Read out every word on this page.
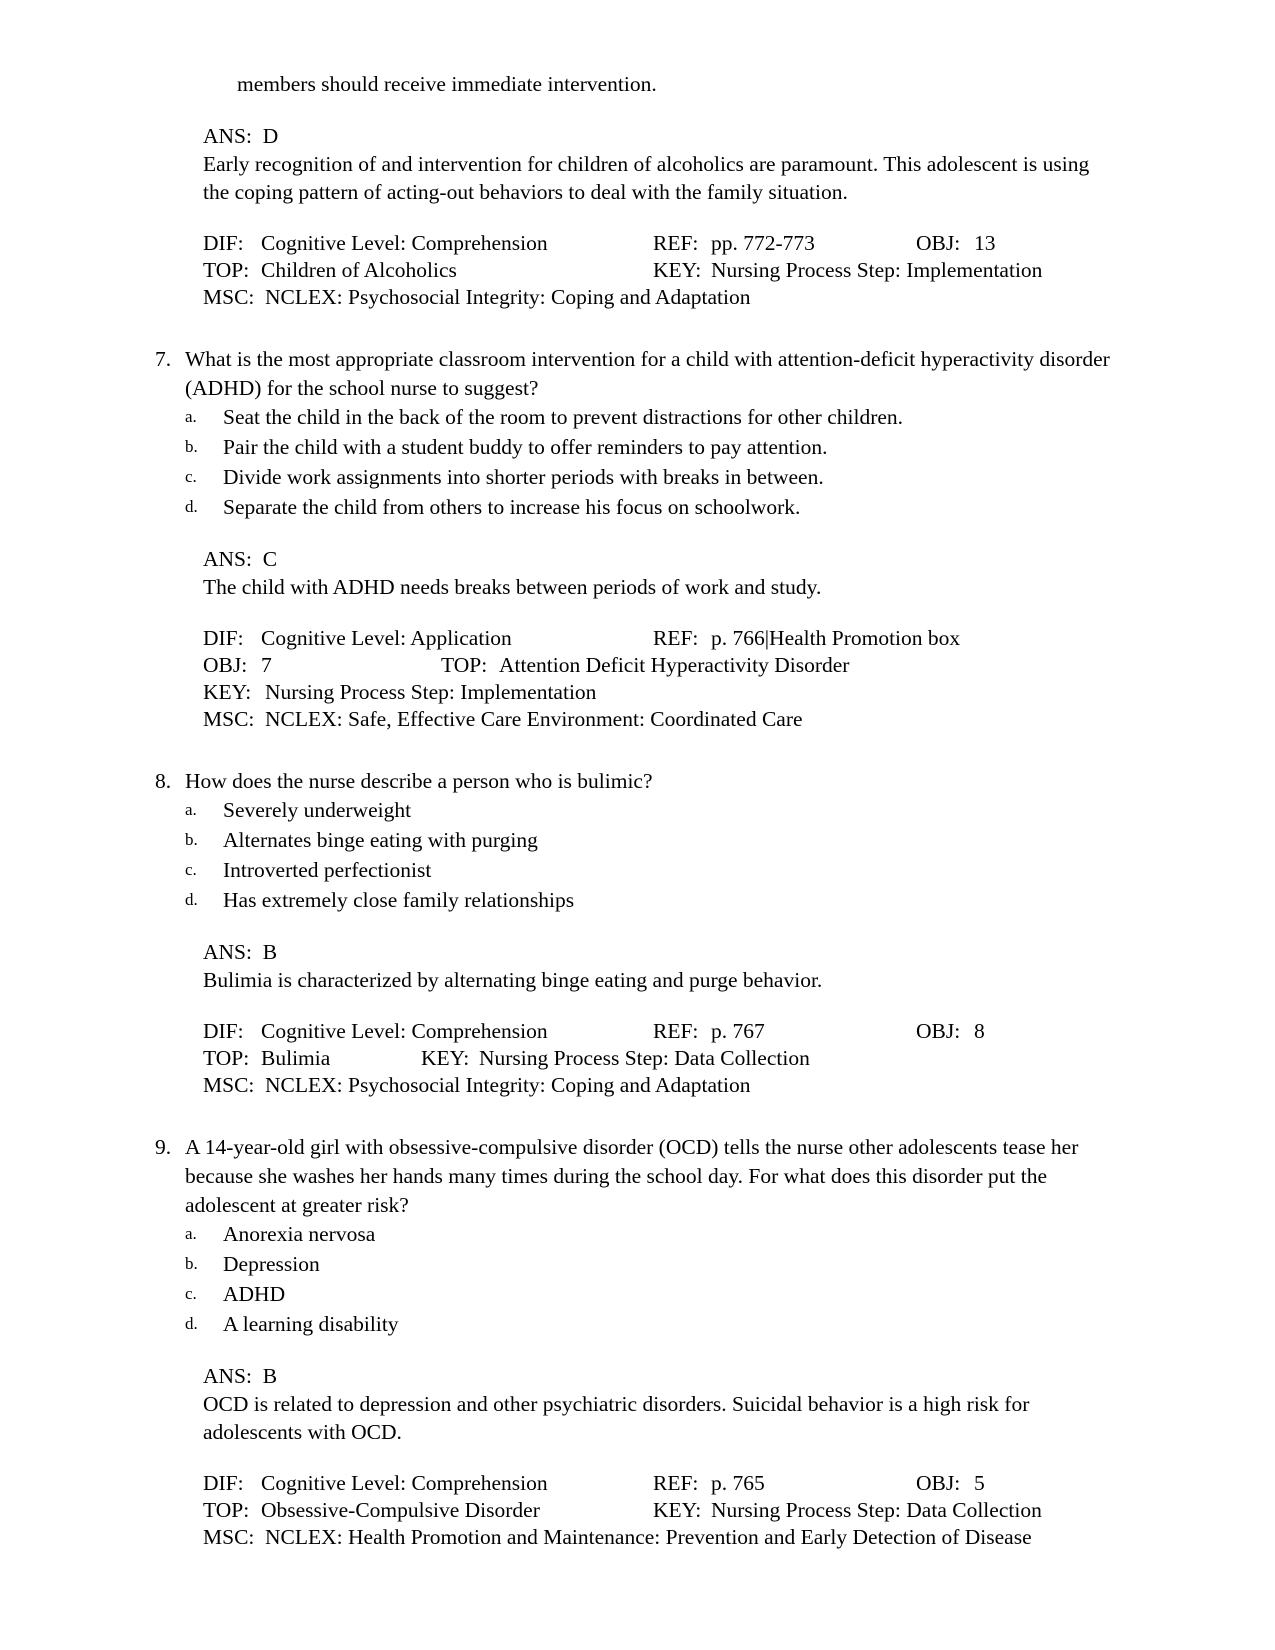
members should receive immediate intervention.
ANS: D
Early recognition of and intervention for children of alcoholics are paramount. This adolescent is using the coping pattern of acting-out behaviors to deal with the family situation.
DIF: Cognitive Level: Comprehension	REF: pp. 772-773	OBJ: 13
TOP: Children of Alcoholics	KEY: Nursing Process Step: Implementation
MSC: NCLEX: Psychosocial Integrity: Coping and Adaptation
7. What is the most appropriate classroom intervention for a child with attention-deficit hyperactivity disorder (ADHD) for the school nurse to suggest?
a.	Seat the child in the back of the room to prevent distractions for other children.
b.	Pair the child with a student buddy to offer reminders to pay attention.
c.	Divide work assignments into shorter periods with breaks in between.
d.	Separate the child from others to increase his focus on schoolwork.
ANS: C
The child with ADHD needs breaks between periods of work and study.
DIF: Cognitive Level: Application	REF: p. 766|Health Promotion box
OBJ: 7	TOP: Attention Deficit Hyperactivity Disorder
KEY: Nursing Process Step: Implementation
MSC: NCLEX: Safe, Effective Care Environment: Coordinated Care
8. How does the nurse describe a person who is bulimic?
a.	Severely underweight
b.	Alternates binge eating with purging
c.	Introverted perfectionist
d.	Has extremely close family relationships
ANS: B
Bulimia is characterized by alternating binge eating and purge behavior.
DIF: Cognitive Level: Comprehension	REF: p. 767	OBJ: 8
TOP: Bulimia	KEY: Nursing Process Step: Data Collection
MSC: NCLEX: Psychosocial Integrity: Coping and Adaptation
9. A 14-year-old girl with obsessive-compulsive disorder (OCD) tells the nurse other adolescents tease her because she washes her hands many times during the school day. For what does this disorder put the adolescent at greater risk?
a.	Anorexia nervosa
b.	Depression
c.	ADHD
d.	A learning disability
ANS: B
OCD is related to depression and other psychiatric disorders. Suicidal behavior is a high risk for adolescents with OCD.
DIF: Cognitive Level: Comprehension	REF: p. 765	OBJ: 5
TOP: Obsessive-Compulsive Disorder	KEY: Nursing Process Step: Data Collection
MSC: NCLEX: Health Promotion and Maintenance: Prevention and Early Detection of Disease
